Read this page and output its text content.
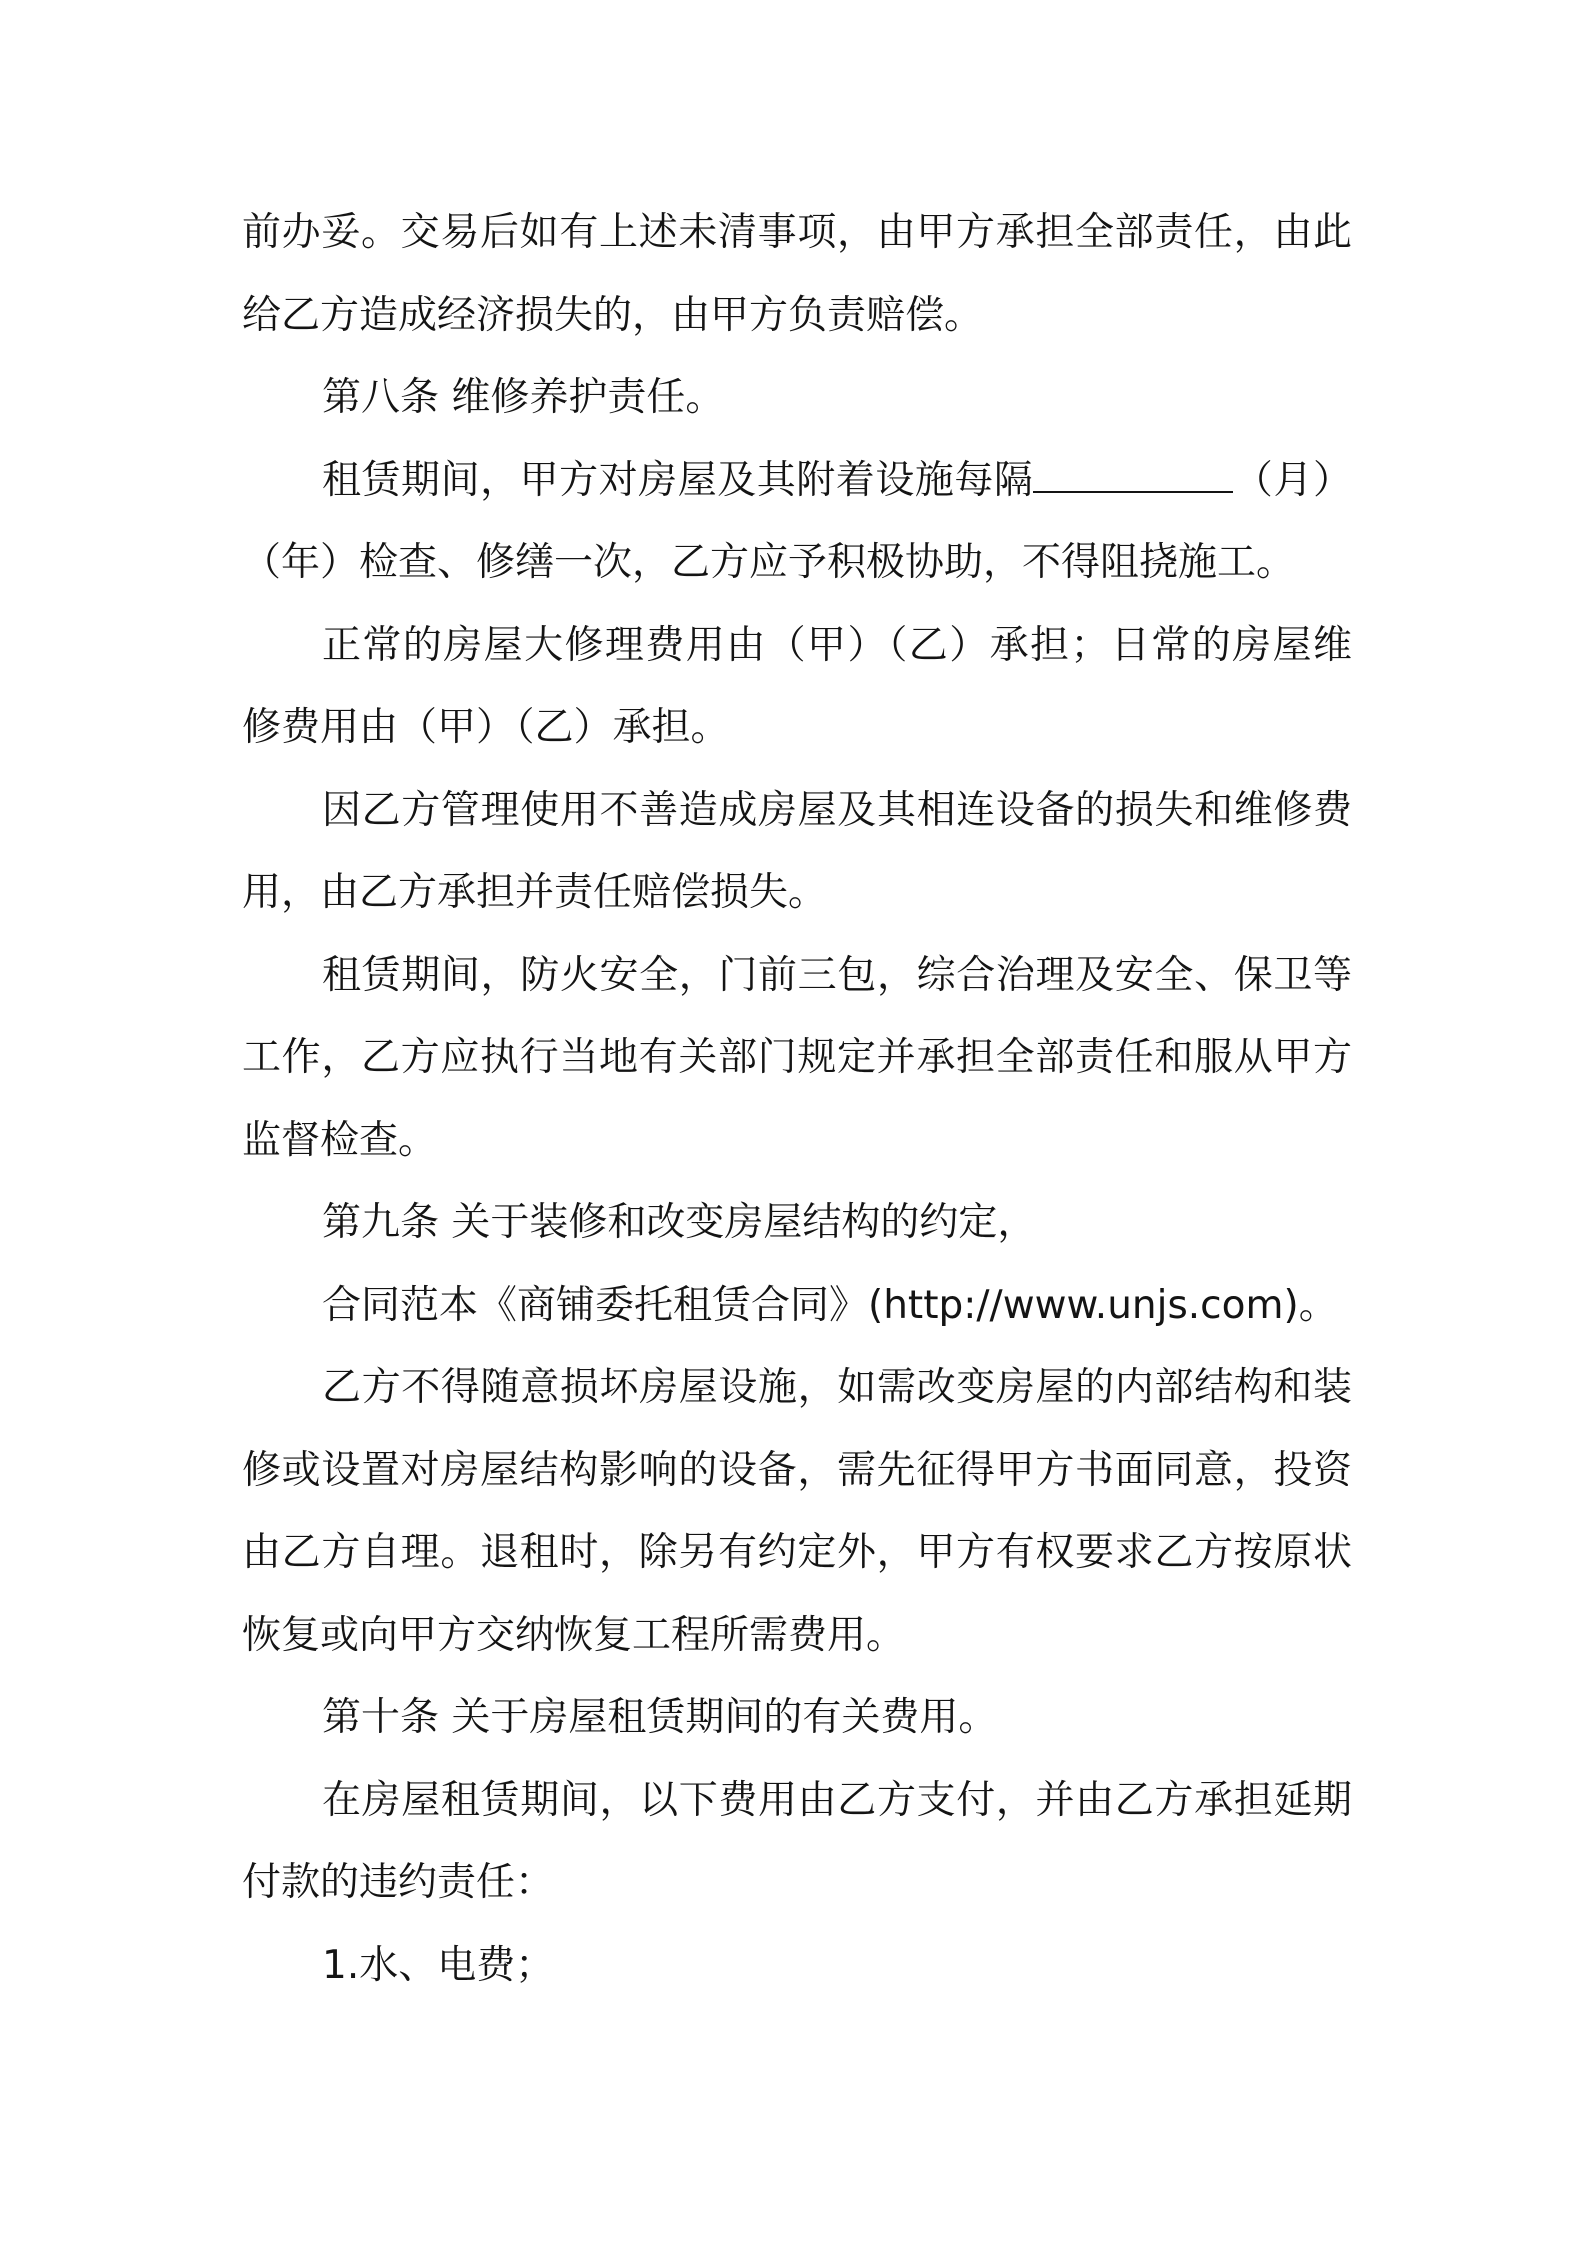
前办妥。交易后如有上述未清事项，由甲方承担全部责任，由此给乙方造成经济损失的，由甲方负责赔偿。

第八条 维修养护责任。

租赁期间，甲方对房屋及其附着设施每隔	（月）（年）检查、修缮一次，乙方应予积极协助，不得阻挠施工。

正常的房屋大修理费用由（甲）（乙）承担；日常的房屋维修费用由（甲）（乙）承担。

因乙方管理使用不善造成房屋及其相连设备的损失和维修费用，由乙方承担并责任赔偿损失。

租赁期间，防火安全，门前三包，综合治理及安全、保卫等工作，乙方应执行当地有关部门规定并承担全部责任和服从甲方监督检查。

第九条 关于装修和改变房屋结构的约定，

合同范本《商铺委托租赁合同》(http://www.unjs.com)。

乙方不得随意损坏房屋设施，如需改变房屋的内部结构和装修或设置对房屋结构影响的设备，需先征得甲方书面同意，投资由乙方自理。退租时，除另有约定外，甲方有权要求乙方按原状恢复或向甲方交纳恢复工程所需费用。

第十条 关于房屋租赁期间的有关费用。

在房屋租赁期间，以下费用由乙方支付，并由乙方承担延期付款的违约责任：

1.水、电费；
